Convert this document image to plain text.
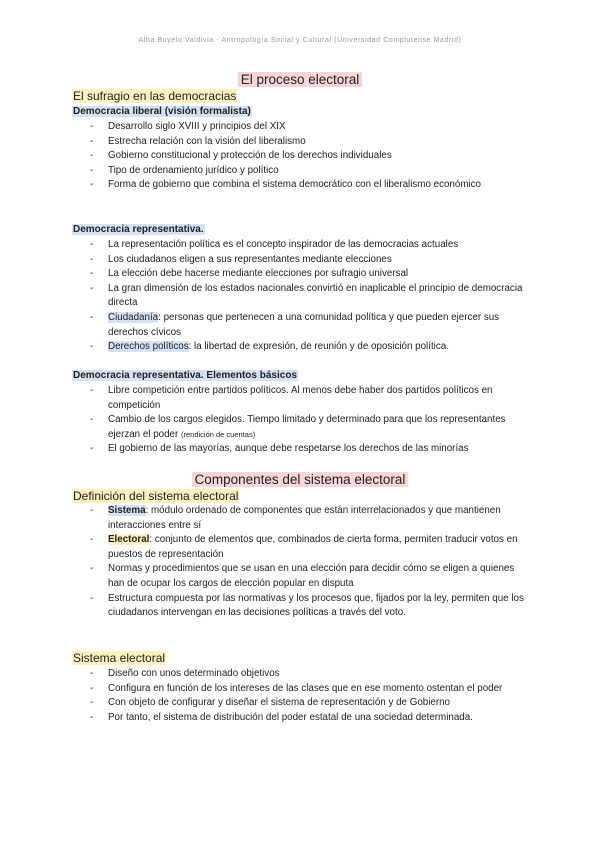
Alba Buyelo Valdivia - Antropología Social y Cultural (Universidad Complutense Madrid)
El proceso electoral
El sufragio en las democracias
Democracia liberal (visión formalista)
- Desarrollo siglo XVIII y principios del XIX
- Estrecha relación con la visión del liberalismo
- Gobierno constitucional y protección de los derechos individuales
- Tipo de ordenamiento jurídico y político
- Forma de gobierno que combina el sistema democrático con el liberalismo económico
Democracia representativa.
- La representación política es el concepto inspirador de las democracias actuales
- Los ciudadanos eligen a sus representantes mediante elecciones
- La elección debe hacerse mediante elecciones por sufragio universal
- La gran dimensión de los estados nacionales convirtió en inaplicable el principio de democracia directa
- Ciudadanía: personas que pertenecen a una comunidad política y que pueden ejercer sus derechos cívicos
- Derechos políticos: la libertad de expresión, de reunión y de oposición política.
Democracia representativa. Elementos básicos
- Libre competición entre partidos políticos. Al menos debe haber dos partidos políticos en competición
- Cambio de los cargos elegidos. Tiempo limitado y determinado para que los representantes ejerzan el poder (rendición de cuentas)
- El gobierno de las mayorías, aunque debe respetarse los derechos de las minorías
Componentes del sistema electoral
Definición del sistema electoral
- Sistema: módulo ordenado de componentes que están interrelacionados y que mantienen interacciones entre sí
- Electoral: conjunto de elementos que, combinados de cierta forma, permiten traducir votos en puestos de representación
- Normas y procedimientos que se usan en una elección para decidir cómo se eligen a quienes han de ocupar los cargos de elección popular en disputa
- Estructura compuesta por las normativas y los procesos que, fijados por la ley, permiten que los ciudadanos intervengan en las decisiones políticas a través del voto.
Sistema electoral
- Diseño con unos determinado objetivos
- Configura en función de los intereses de las clases que en ese momento ostentan el poder
- Con objeto de configurar y diseñar el sistema de representación y de Gobierno
- Por tanto, el sistema de distribución del poder estatal de una sociedad determinada.
